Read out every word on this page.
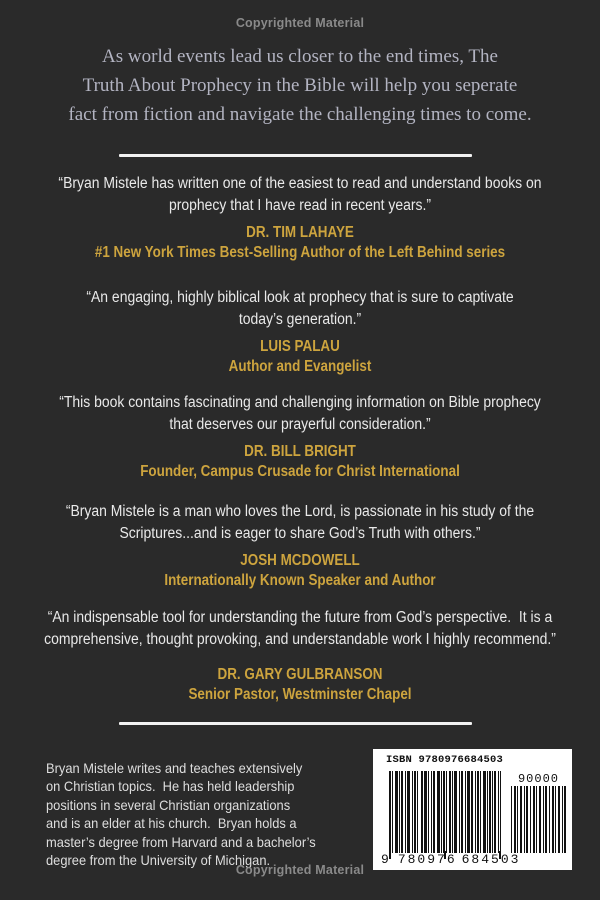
Copyrighted Material
As world events lead us closer to the end times, The
Truth About Prophecy in the Bible will help you seperate
fact from fiction and navigate the challenging times to come.
“Bryan Mistele has written one of the easiest to read and understand books on
prophecy that I have read in recent years.”
DR. TIM LAHAYE
#1 New York Times Best-Selling Author of the Left Behind series
“An engaging, highly biblical look at prophecy that is sure to captivate
today’s generation.”
LUIS PALAU
Author and Evangelist
“This book contains fascinating and challenging information on Bible prophecy
that deserves our prayerful consideration.”
DR. BILL BRIGHT
Founder, Campus Crusade for Christ International
“Bryan Mistele is a man who loves the Lord, is passionate in his study of the
Scriptures...and is eager to share God’s Truth with others.”
JOSH MCDOWELL
Internationally Known Speaker and Author
“An indispensable tool for understanding the future from God’s perspective.  It is a
comprehensive, thought provoking, and understandable work I highly recommend.”
DR. GARY GULBRANSON
Senior Pastor, Westminster Chapel
Bryan Mistele writes and teaches extensively
on Christian topics.  He has held leadership
positions in several Christian organizations
and is an elder at his church.  Bryan holds a
master’s degree from Harvard and a bachelor’s
degree from the University of Michigan.
ISBN 9780976684503
90000
9 780976 684503
Copyrighted Material
